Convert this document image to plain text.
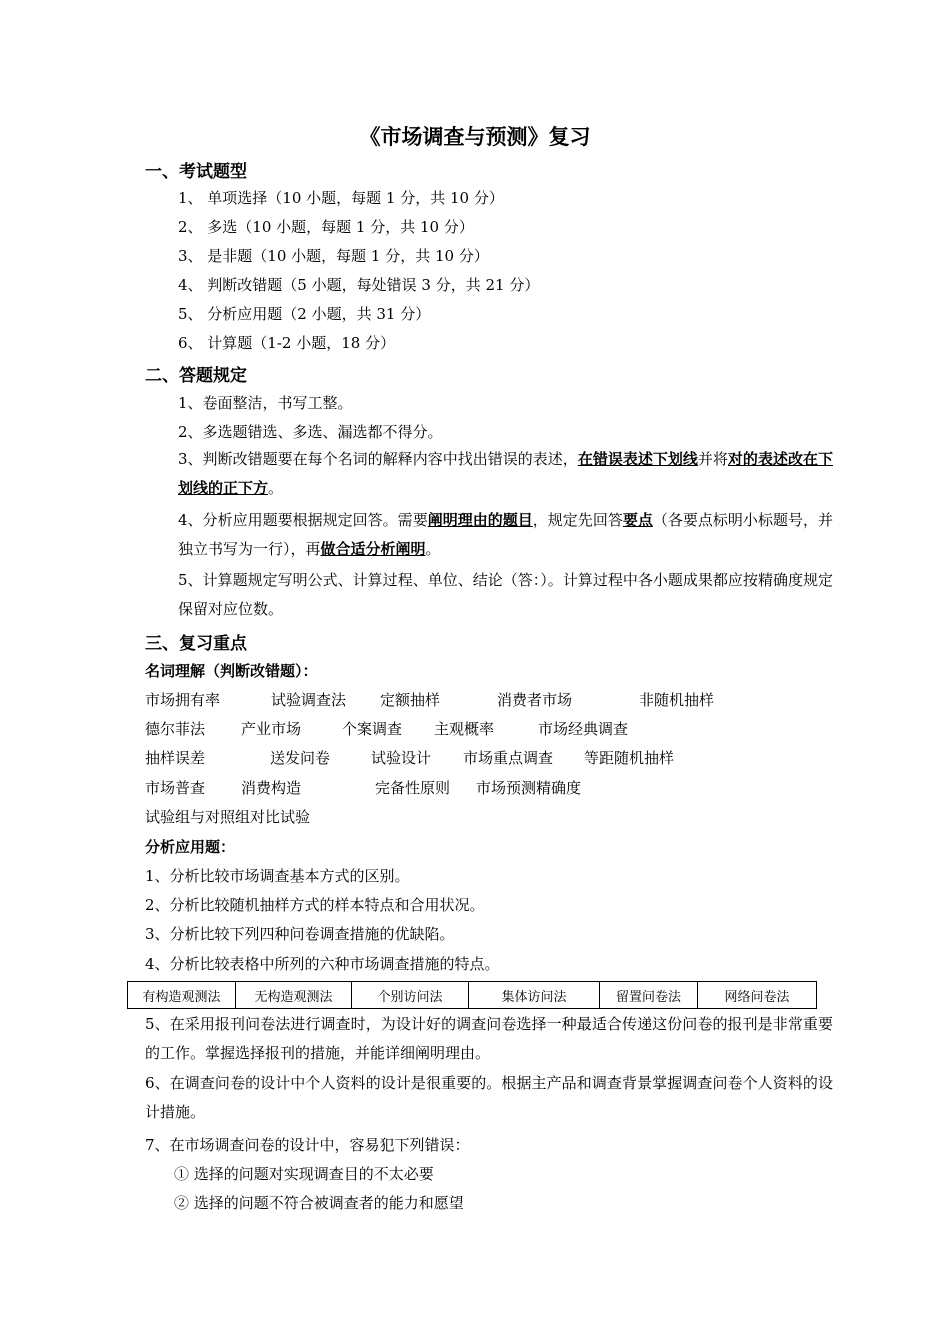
《市场调查与预测》复习
一、考试题型
1、 单项选择（10 小题，每题 1 分，共 10 分）
2、 多选（10 小题，每题 1 分，共 10 分）
3、 是非题（10 小题，每题 1 分，共 10 分）
4、 判断改错题（5 小题，每处错误 3 分，共 21 分）
5、 分析应用题（2 小题，共 31 分）
6、 计算题（1-2 小题，18 分）
二、答题规定
1、卷面整洁，书写工整。
2、多选题错选、多选、漏选都不得分。
3、判断改错题要在每个名词的解释内容中找出错误的表述，在错误表述下划线并将对的表述改在下划线的正下方。
4、分析应用题要根据规定回答。需要阐明理由的题目，规定先回答要点（各要点标明小标题号，并独立书写为一行），再做合适分析阐明。
5、计算题规定写明公式、计算过程、单位、结论（答：）。计算过程中各小题成果都应按精确度规定保留对应位数。
三、复习重点
名词理解（判断改错题）：
市场拥有率	试验调查法 定额抽样	消费者市场	非随机抽样
德尔菲法 产业市场	个案调查 主观概率	市场经典调查
抽样误差	送发问卷	试验设计 市场重点调查 等距随机抽样
市场普查 消费构造	完备性原则 市场预测精确度
试验组与对照组对比试验
分析应用题：
1、分析比较市场调查基本方式的区别。
2、分析比较随机抽样方式的样本特点和合用状况。
3、分析比较下列四种问卷调查措施的优缺陷。
4、分析比较表格中所列的六种市场调查措施的特点。
有构造观测法	无构造观测法	个别访问法	集体访问法	留置问卷法	网络问卷法
5、在采用报刊问卷法进行调查时，为设计好的调查问卷选择一种最适合传递这份问卷的报刊是非常重要的工作。掌握选择报刊的措施，并能详细阐明理由。
6、在调查问卷的设计中个人资料的设计是很重要的。根据主产品和调查背景掌握调查问卷个人资料的设计措施。
7、在市场调查问卷的设计中，容易犯下列错误：
① 选择的问题对实现调查目的不太必要
② 选择的问题不符合被调查者的能力和愿望
